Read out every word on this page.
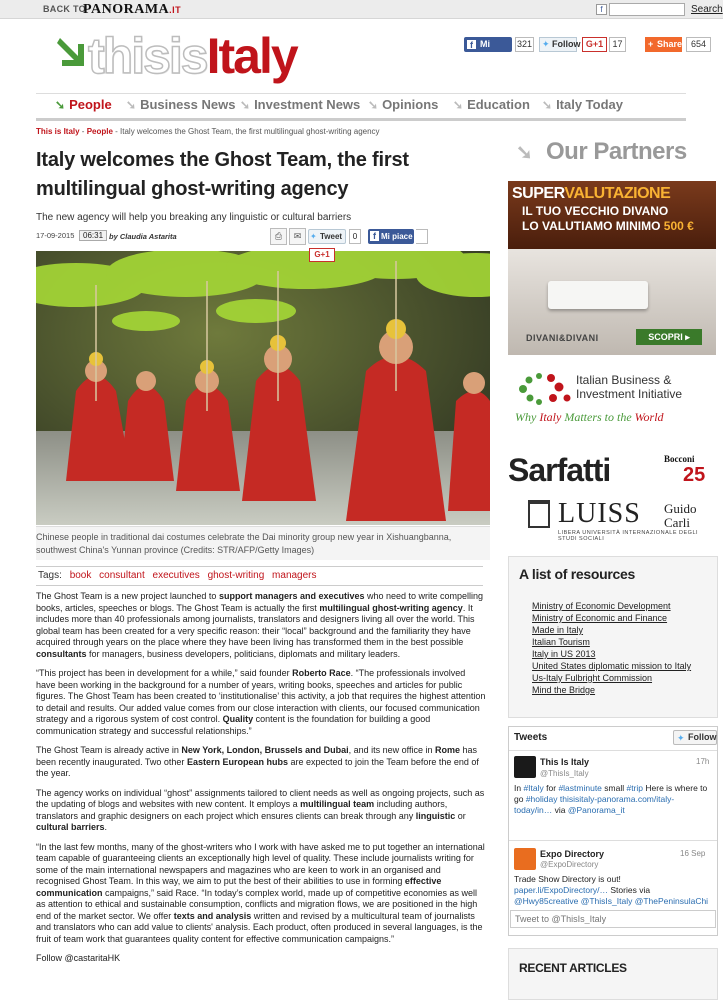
BACK TO
PANORAMA.IT	f	Search
thisisItaly	Mi piace
f	321	Follow
✦	G+1	17	+ Share 654
➘ People ➘ Business News ➘ Investment News ➘ Opinions ➘ Education ➘ Italy Today
This is Italy - People - Italy welcomes the Ghost Team, the first multilingual ghost-writing agency
Italy welcomes the Ghost Team, the first multilingual ghost-writing agency
The new agency will help you breaking any linguistic or cultural barriers
17-09-2015	06:31 by Claudia Astarita	⎙	✉	Tweet
✦	0	Mi piace
f
Chinese people in traditional dai costumes celebrate the Dai minority group new year in Xishuangbanna, southwest China's Yunnan province (Credits: STR/AFP/Getty Images)
G+1
Tags: book consultant executives ghost-writing managers

The Ghost Team is a new project launched to support managers and executives who need to write compelling books, articles, speeches or blogs. The Ghost Team is actually the first multilingual ghost-writing agency. It includes more than 40 professionals among journalists, translators and designers living all over the world. This global team has been created for a very specific reason: their “local” background and the familiarity they have acquired through years on the place where they have been living has transformed them in the best possible consultants for managers, business developers, politicians, diplomats and military leaders.

“This project has been in development for a while,” said founder Roberto Race. “The professionals involved have been working in the background for a number of years, writing books, speeches and articles for public figures. The Ghost Team has been created to ‘institutionalise’ this activity, a job that requires the highest attention to detail and results. Our added value comes from our close interaction with clients, our focused communication strategy and a rigorous system of cost control. Quality content is the foundation for building a good communication strategy and successful relationships.”

The Ghost Team is already active in New York, London, Brussels and Dubai, and its new office in Rome has been recently inaugurated. Two other Eastern European hubs are expected to join the Team before the end of the year.

The agency works on individual “ghost” assignments tailored to client needs as well as ongoing projects, such as the updating of blogs and websites with new content. It employs a multilingual team including authors, translators and graphic designers on each project which ensures clients can break through any linguistic or cultural barriers.

“In the last few months, many of the ghost-writers who I work with have asked me to put together an international team capable of guaranteeing clients an exceptionally high level of quality. These include journalists writing for some of the main international newspapers and magazines who are keen to work in an organised and recognised Ghost Team. In this way, we aim to put the best of their abilities to use in forming effective communication campaigns,” said Race. “In today’s complex world, made up of competitive economies as well as attention to ethical and sustainable consumption, conflicts and migration flows, we are positioned in the high end of the market sector. We offer texts and analysis written and revised by a multicultural team of journalists and translators who can add value to clients' analysis. Each product, often produced in several languages, is the fruit of team work that guarantees quality content for effective communication campaigns.”

Follow @castaritaHK

➘ Our Partners
SUPERVALUTAZIONE
IL TUO VECCHIO DIVANO
LO VALUTIAMO MINIMO 500 €
DIVANI&DIVANI	SCOPRI ▸
Italian Business &
Investment Initiative
Why Italy Matters to the World
Sarfatti	Bocconi
25
LUISS Guido
Carli
LIBERA UNIVERSITÀ INTERNAZIONALE DEGLI STUDI SOCIALI
A list of resources
Ministry of Economic Development
Ministry of Economic and Finance
Made in Italy
Italian Tourism
Italy in US 2013
United States diplomatic mission to Italy
Us-Italy Fulbright Commission
Mind the Bridge
Tweets	Follow
✦
This Is Italy
@ThisIs_Italy
17h
In #Italy for #lastminute small #trip Here is where to go #holiday thisisitaly-panorama.com/italy-today/in… via @Panorama_it
Expo Directory
@ExpoDirectory
16 Sep
Trade Show Directory is out!
paper.li/ExpoDirectory/… Stories via @Hwy85creative @ThisIs_Italy @ThePeninsulaChi
Tweet to @ThisIs_Italy
RECENT ARTICLES
